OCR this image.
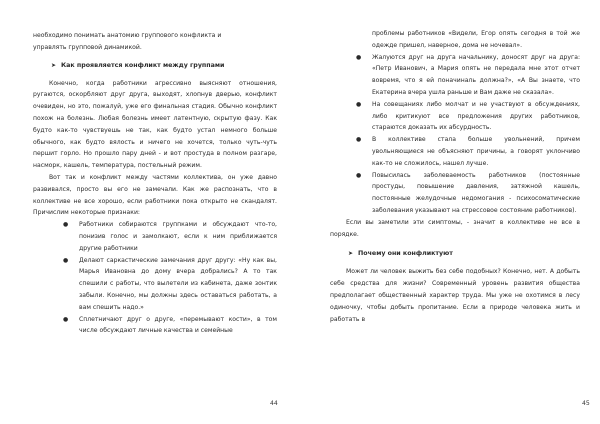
необходимо понимать анатомию группового конфликта и

управлять групповой динамикой.

➤ Как проявляется конфликт между группами

Конечно, когда работники агрессивно выясняют отношения, ругаются, оскорбляют друг друга, выходят, хлопнув дверью, конфликт очевиден, но это, пожалуй, уже его финальная стадия. Обычно конфликт похож на болезнь. Любая болезнь имеет латентную, скрытую фазу. Как будто как-то чувствуешь не так, как будто устал немного больше обычного, как будто вялость и ничего не хочется, только чуть-чуть першит горло. Но прошло пару дней - и вот простуда в полном разгаре, насморк, кашель, температура, постельный режим.

Вот так и конфликт между частями коллектива, он уже давно развивался, просто вы его не замечали. Как же распознать, что в коллективе не все хорошо, если работники пока открыто не скандалят. Причислим некоторые признаки:

● Работники собираются группками и обсуждают что-то, понизив голос и замолкают, если к ним приближается другие работники
● Делают саркастические замечания друг другу: «Ну как вы, Марья Ивановна до дому вчера добрались? А то так спешили с работы, что вылетели из кабинета, даже зонтик забыли. Конечно, мы должны здесь оставаться работать, а вам спешить надо.»
● Сплетничают друг о друге, «перемывают кости», в том числе обсуждают личные качества и семейные
44

проблемы работников «Видели, Егор опять сегодня в той же одежде пришел, наверное, дома не ночевал».

● Жалуются друг на друга начальнику, доносят друг на друга: «Петр Иванович, а Мария опять не передала мне этот отчет вовремя, что я ей поначиналь должна?», «А Вы знаете, что Екатерина вчера ушла раньше и Вам даже не сказала».
● На совещаниях либо молчат и не участвуют в обсуждениях, либо критикуют все предложения других работников, стараются доказать их абсурдность.
● В коллективе стала больше увольнений, причем увольняющиеся не объясняют причины, а говорят уклончиво как-то не сложилось, нашел лучше.
● Повысилась заболеваемость работников (постоянные простуды, повышение давления, затяжной кашель, постоянные желудочные недомогания - психосоматические заболевания указывают на стрессовое состояние работников).

Если вы заметили эти симптомы, - значит в коллективе не все в порядке.

➤ Почему они конфликтуют

Может ли человек выжить без себе подобных? Конечно, нет. А добыть себе средства для жизни? Современный уровень развития общества предполагает общественный характер труда. Мы уже не охотимся в лесу одиночку, чтобы добыть пропитание. Если в природе человека жить и работать в

45
